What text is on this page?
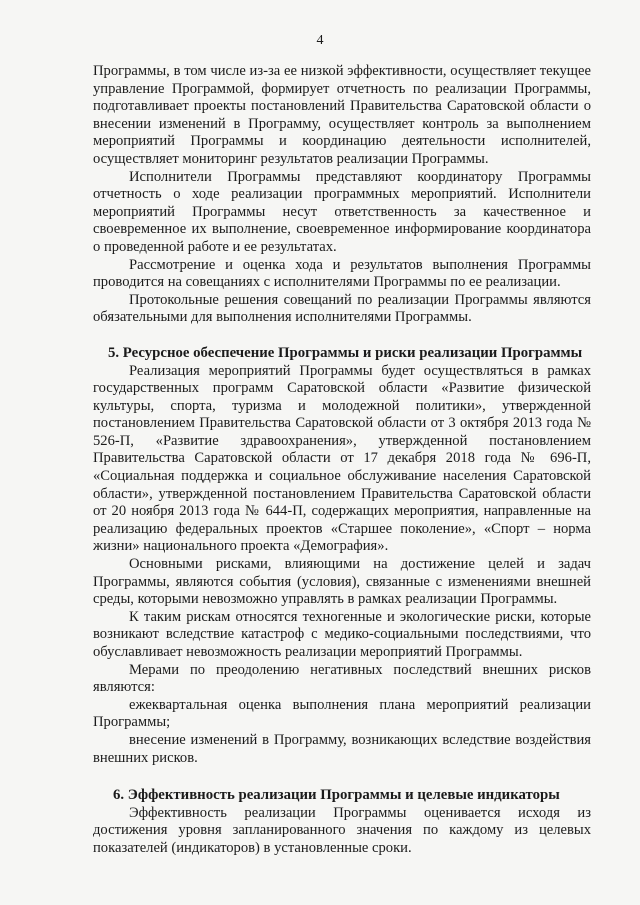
4

Программы, в том числе из-за ее низкой эффективности, осуществляет текущее управление Программой, формирует отчетность по реализации Программы, подготавливает проекты постановлений Правительства Саратовской области о внесении изменений в Программу, осуществляет контроль за выполнением мероприятий Программы и координацию деятельности исполнителей, осуществляет мониторинг результатов реализации Программы.

Исполнители Программы представляют координатору Программы отчетность о ходе реализации программных мероприятий. Исполнители мероприятий Программы несут ответственность за качественное и своевременное их выполнение, своевременное информирование координатора о проведенной работе и ее результатах.

Рассмотрение и оценка хода и результатов выполнения Программы проводится на совещаниях с исполнителями Программы по ее реализации.

Протокольные решения совещаний по реализации Программы являются обязательными для выполнения исполнителями Программы.

5. Ресурсное обеспечение Программы и риски реализации Программы

Реализация мероприятий Программы будет осуществляться в рамках государственных программ Саратовской области «Развитие физической культуры, спорта, туризма и молодежной политики», утвержденной постановлением Правительства Саратовской области от 3 октября 2013 года № 526-П, «Развитие здравоохранения», утвержденной постановлением Правительства Саратовской области от 17 декабря 2018 года № 696-П, «Социальная поддержка и социальное обслуживание населения Саратовской области», утвержденной постановлением Правительства Саратовской области от 20 ноября 2013 года № 644-П, содержащих мероприятия, направленные на реализацию федеральных проектов «Старшее поколение», «Спорт – норма жизни» национального проекта «Демография».

Основными рисками, влияющими на достижение целей и задач Программы, являются события (условия), связанные с изменениями внешней среды, которыми невозможно управлять в рамках реализации Программы.

К таким рискам относятся техногенные и экологические риски, которые возникают вследствие катастроф с медико-социальными последствиями, что обуславливает невозможность реализации мероприятий Программы.

Мерами по преодолению негативных последствий внешних рисков являются:

ежеквартальная оценка выполнения плана мероприятий реализации Программы;

внесение изменений в Программу, возникающих вследствие воздействия внешних рисков.

6. Эффективность реализации Программы и целевые индикаторы

Эффективность реализации Программы оценивается исходя из достижения уровня запланированного значения по каждому из целевых показателей (индикаторов) в установленные сроки.
